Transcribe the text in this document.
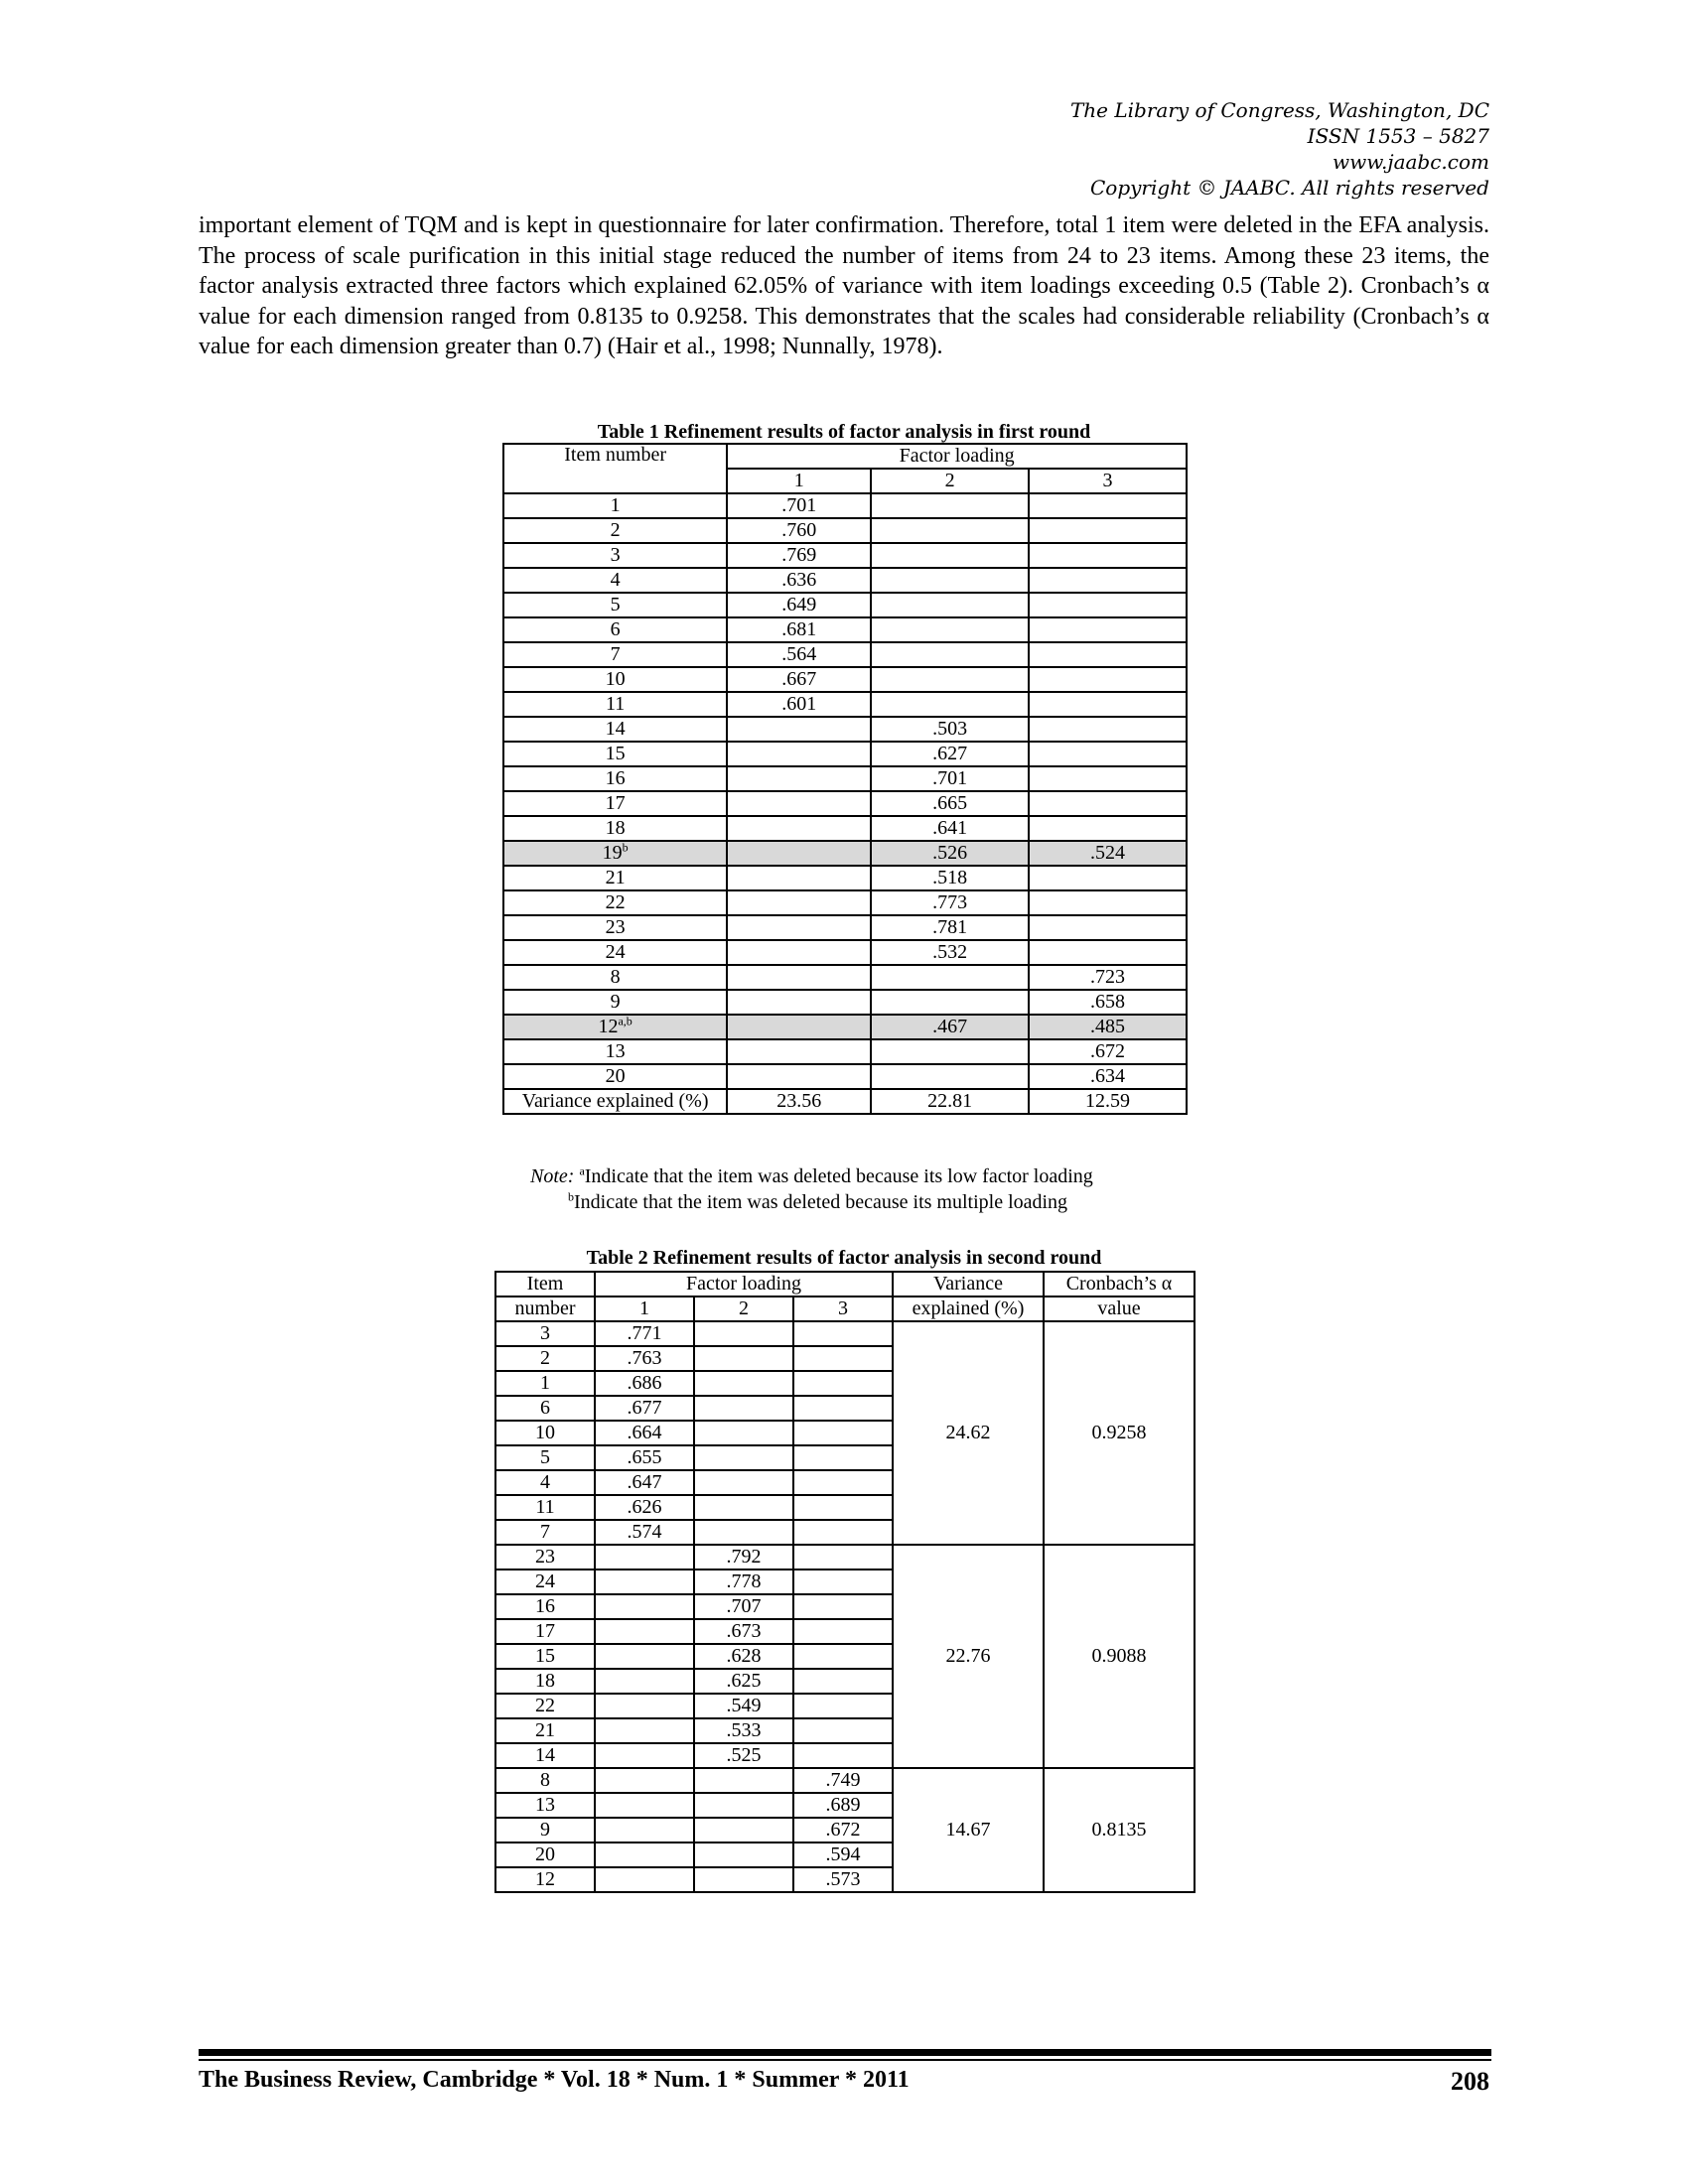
The Library of Congress, Washington, DC
ISSN 1553 – 5827
www.jaabc.com
Copyright © JAABC. All rights reserved
important element of TQM and is kept in questionnaire for later confirmation. Therefore, total 1 item were deleted in the EFA analysis. The process of scale purification in this initial stage reduced the number of items from 24 to 23 items. Among these 23 items, the factor analysis extracted three factors which explained 62.05% of variance with item loadings exceeding 0.5 (Table 2). Cronbach’s α value for each dimension ranged from 0.8135 to 0.9258. This demonstrates that the scales had considerable reliability (Cronbach’s α value for each dimension greater than 0.7) (Hair et al., 1998; Nunnally, 1978).
Table 1 Refinement results of factor analysis in first round
Item number	Factor loading		
	1	2	3
1	.701		
2	.760		
3	.769		
4	.636		
5	.649		
6	.681		
7	.564		
10	.667		
11	.601		
14		.503	
15		.627	
16		.701	
17		.665	
18		.641	
19$^b$		.526	.524
21		.518	
22		.773	
23		.781	
24		.532	
8			.723
9			.658
12$^{a,b}$		.467	.485
13			.672
20			.634
Variance explained (%)	23.56	22.81	12.59
Note: $^a$Indicate that the item was deleted because its low factor loading
$^b$Indicate that the item was deleted because its multiple loading
Table 2 Refinement results of factor analysis in second round
Item	Factor loading			Variance	Cronbach’s α
number	1	2	3	explained (%)	value
3	.771			24.62	0.9258
2	.763				
1	.686				
6	.677				
10	.664				
5	.655				
4	.647				
11	.626				
7	.574				
23		.792		22.76	0.9088
24		.778			
16		.707			
17		.673			
15		.628			
18		.625			
22		.549			
21		.533			
14		.525			
8			.749	14.67	0.8135
13			.689		
9			.672		
20			.594		
12			.573		
The Business Review, Cambridge * Vol. 18 * Num. 1 * Summer * 2011	208
